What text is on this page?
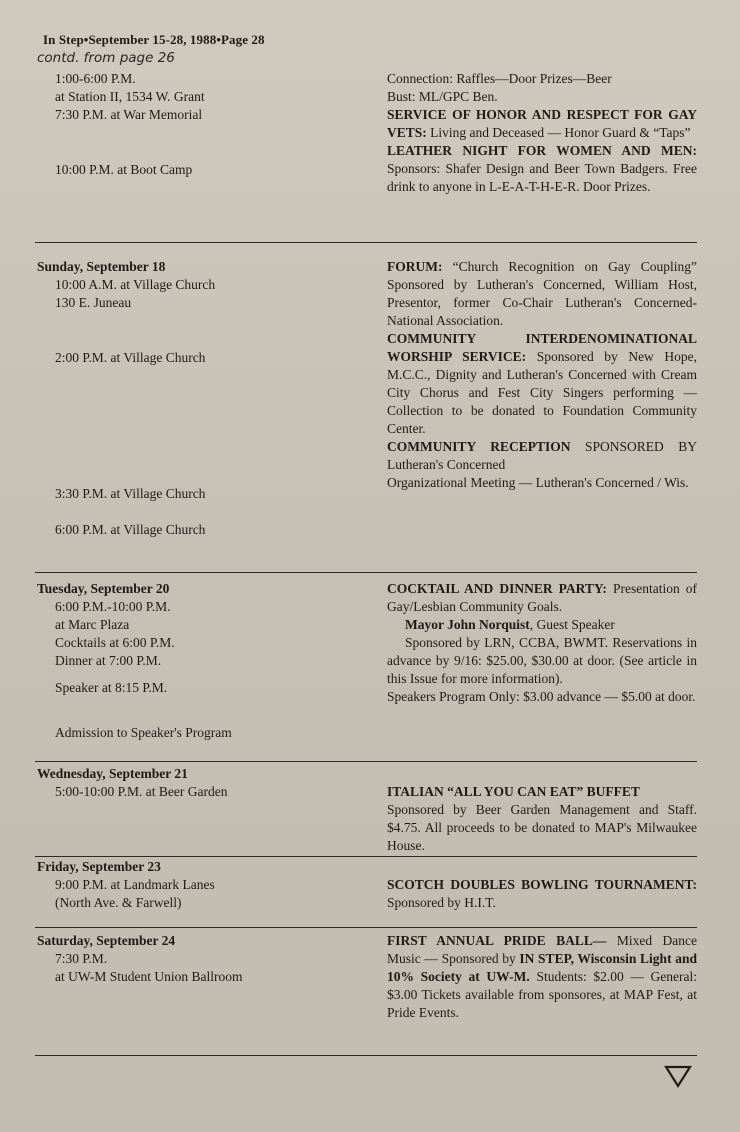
In Step•September 15-28, 1988•Page 28
contd. from page 26
1:00-6:00 P.M.
at Station II, 1534 W. Grant
7:30 P.M. at War Memorial
10:00 P.M. at Boot Camp
Connection: Raffles—Door Prizes—Beer
Bust: ML/GPC Ben.
SERVICE OF HONOR AND RESPECT FOR GAY VETS: Living and Deceased — Honor Guard & “Taps”
LEATHER NIGHT FOR WOMEN AND MEN: Sponsors: Shafer Design and Beer Town Badgers. Free drink to anyone in L-E-A-T-H-E-R. Door Prizes.
Sunday, September 18
10:00 A.M. at Village Church
130 E. Juneau
2:00 P.M. at Village Church
3:30 P.M. at Village Church
6:00 P.M. at Village Church
FORUM: “Church Recognition on Gay Coupling” Sponsored by Lutheran's Concerned, William Host, Presentor, former Co-Chair Lutheran's Concerned-National Association.
COMMUNITY INTERDENOMINATIONAL WORSHIP SERVICE: Sponsored by New Hope, M.C.C., Dignity and Lutheran's Concerned with Cream City Chorus and Fest City Singers performing — Collection to be donated to Foundation Community Center.
COMMUNITY RECEPTION SPONSORED BY Lutheran's Concerned
Organizational Meeting — Lutheran's Concerned / Wis.
Tuesday, September 20
6:00 P.M.-10:00 P.M.
at Marc Plaza
Cocktails at 6:00 P.M.
Dinner at 7:00 P.M.
Speaker at 8:15 P.M.
Admission to Speaker's Program
COCKTAIL AND DINNER PARTY: Presentation of Gay/Lesbian Community Goals.
Mayor John Norquist, Guest Speaker
Sponsored by LRN, CCBA, BWMT. Reservations in advance by 9/16: $25.00, $30.00 at door. (See article in this Issue for more information).
Speakers Program Only: $3.00 advance — $5.00 at door.
Wednesday, September 21
5:00-10:00 P.M. at Beer Garden	ITALIAN “ALL YOU CAN EAT” BUFFET
Sponsored by Beer Garden Management and Staff. $4.75. All proceeds to be donated to MAP's Milwaukee House.
Friday, September 23
9:00 P.M. at Landmark Lanes
(North Ave. & Farwell)
SCOTCH DOUBLES BOWLING TOURNAMENT: Sponsored by H.I.T.
Saturday, September 24
7:30 P.M.
at UW-M Student Union Ballroom
FIRST ANNUAL PRIDE BALL— Mixed Dance Music — Sponsored by IN STEP, Wisconsin Light and 10% Society at UW-M. Students: $2.00 — General: $3.00 Tickets available from sponsores, at MAP Fest, at Pride Events.
